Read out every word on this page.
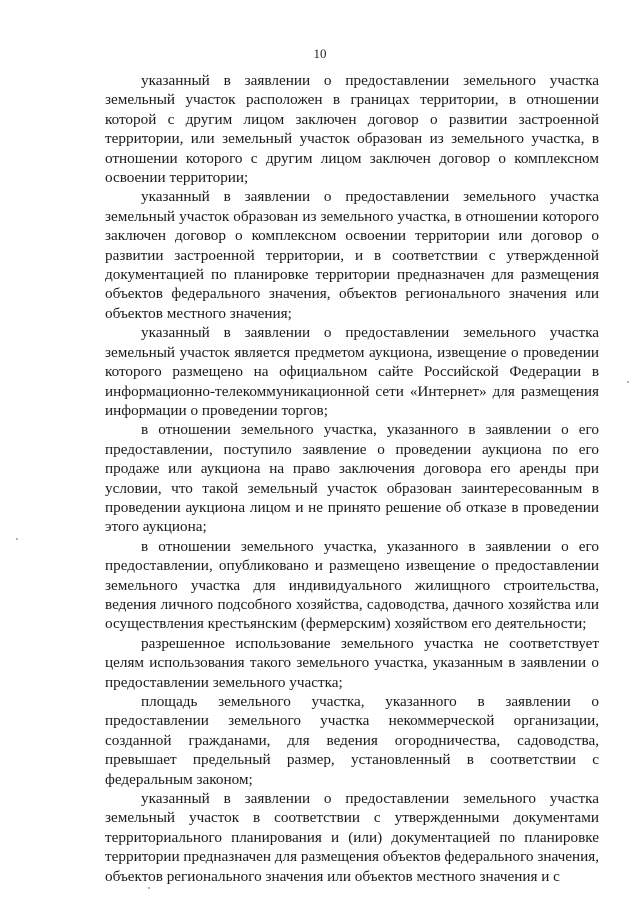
10

указанный в заявлении о предоставлении земельного участка земельный участок расположен в границах территории, в отношении которой с другим лицом заключен договор о развитии застроенной территории, или земельный участок образован из земельного участка, в отношении которого с другим лицом заключен договор о комплексном освоении территории;

указанный в заявлении о предоставлении земельного участка земельный участок образован из земельного участка, в отношении которого заключен договор о комплексном освоении территории или договор о развитии застроенной территории, и в соответствии с утвержденной документацией по планировке территории предназначен для размещения объектов федерального значения, объектов регионального значения или объектов местного значения;

указанный в заявлении о предоставлении земельного участка земельный участок является предметом аукциона, извещение о проведении которого размещено на официальном сайте Российской Федерации в информационно-телекоммуникационной сети «Интернет» для размещения информации о проведении торгов;

в отношении земельного участка, указанного в заявлении о его предоставлении, поступило заявление о проведении аукциона по его продаже или аукциона на право заключения договора его аренды при условии, что такой земельный участок образован заинтересованным в проведении аукциона лицом и не принято решение об отказе в проведении этого аукциона;

в отношении земельного участка, указанного в заявлении о его предоставлении, опубликовано и размещено извещение о предоставлении земельного участка для индивидуального жилищного строительства, ведения личного подсобного хозяйства, садоводства, дачного хозяйства или осуществления крестьянским (фермерским) хозяйством его деятельности;

разрешенное использование земельного участка не соответствует целям использования такого земельного участка, указанным в заявлении о предоставлении земельного участка;

площадь земельного участка, указанного в заявлении о предоставлении земельного участка некоммерческой организации, созданной гражданами, для ведения огородничества, садоводства, превышает предельный размер, установленный в соответствии с федеральным законом;

указанный в заявлении о предоставлении земельного участка земельный участок в соответствии с утвержденными документами территориального планирования и (или) документацией по планировке территории предназначен для размещения объектов федерального значения, объектов регионального значения или объектов местного значения и с
